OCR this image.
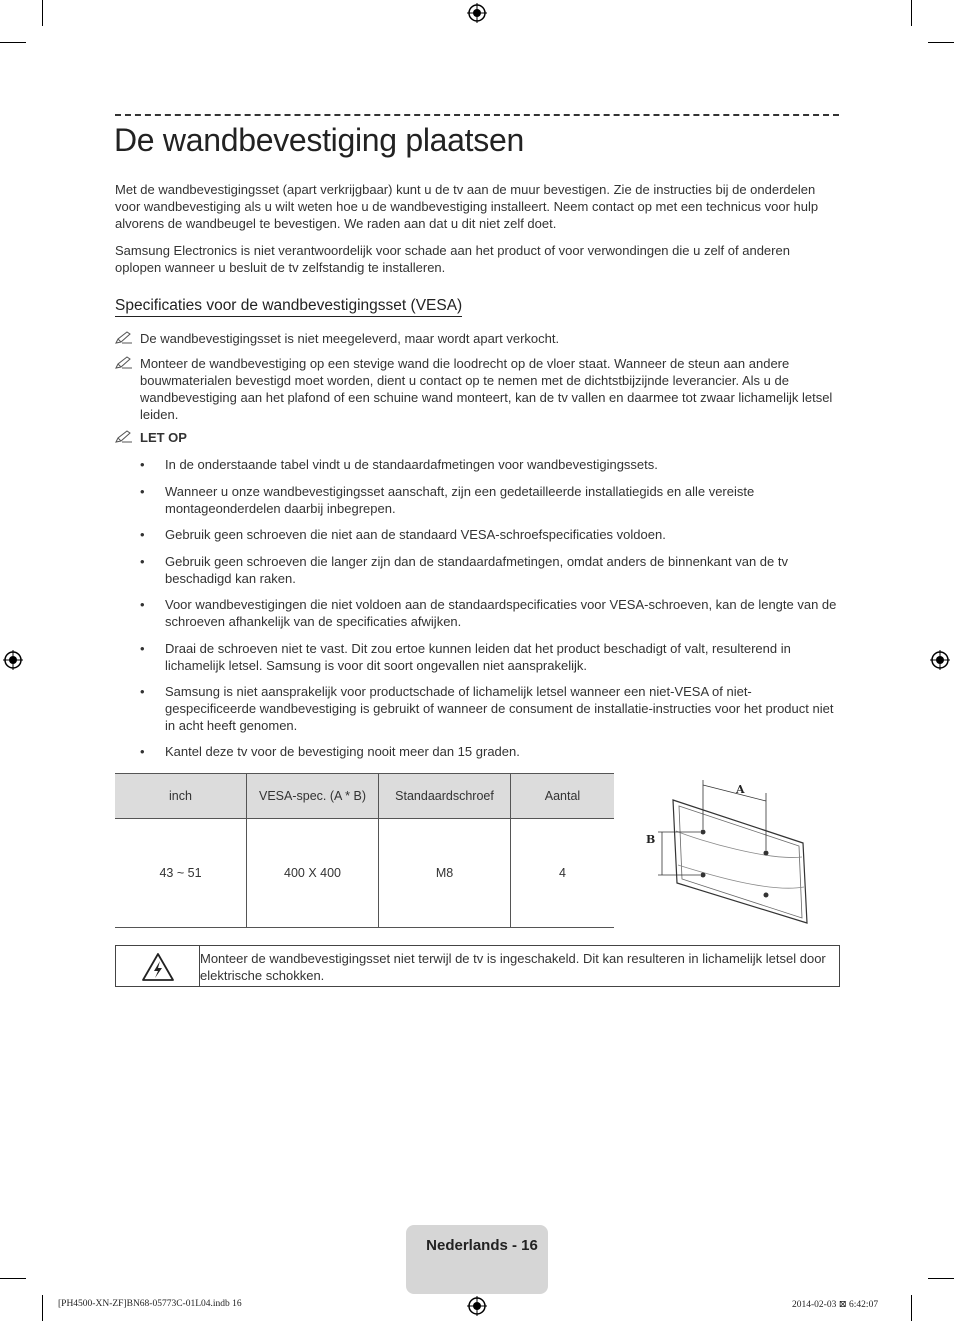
De wandbevestiging plaatsen

Met de wandbevestigingsset (apart verkrijgbaar) kunt u de tv aan de muur bevestigen. Zie de instructies bij de onderdelen voor wandbevestiging als u wilt weten hoe u de wandbevestiging installeert. Neem contact op met een technicus voor hulp alvorens de wandbeugel te bevestigen. We raden aan dat u dit niet zelf doet.

Samsung Electronics is niet verantwoordelijk voor schade aan het product of voor verwondingen die u zelf of anderen oplopen wanneer u besluit de tv zelfstandig te installeren.

Specificaties voor de wandbevestigingsset (VESA)
De wandbevestigingsset is niet meegeleverd, maar wordt apart verkocht.
Monteer de wandbevestiging op een stevige wand die loodrecht op de vloer staat. Wanneer de steun aan andere bouwmaterialen bevestigd moet worden, dient u contact op te nemen met de dichtstbijzijnde leverancier. Als u de wandbevestiging aan het plafond of een schuine wand monteert, kan de tv vallen en daarmee tot zwaar lichamelijk letsel leiden.
LET OP
• In de onderstaande tabel vindt u de standaardafmetingen voor wandbevestigingssets.
• Wanneer u onze wandbevestigingsset aanschaft, zijn een gedetailleerde installatiegids en alle vereiste montageonderdelen daarbij inbegrepen.
• Gebruik geen schroeven die niet aan de standaard VESA-schroefspecificaties voldoen.
• Gebruik geen schroeven die langer zijn dan de standaardafmetingen, omdat anders de binnenkant van de tv beschadigd kan raken.
• Voor wandbevestigingen die niet voldoen aan de standaardspecificaties voor VESA-schroeven, kan de lengte van de schroeven afhankelijk van de specificaties afwijken.
• Draai de schroeven niet te vast. Dit zou ertoe kunnen leiden dat het product beschadigt of valt, resulterend in lichamelijk letsel. Samsung is voor dit soort ongevallen niet aansprakelijk.
• Samsung is niet aansprakelijk voor productschade of lichamelijk letsel wanneer een niet-VESA of niet-gespecificeerde wandbevestiging is gebruikt of wanneer de consument de installatie-instructies voor het product niet in acht heeft genomen.
• Kantel deze tv voor de bevestiging nooit meer dan 15 graden.
inch	VESA-spec. (A * B)	Standaardschroef	Aantal
43 ~ 51	400 X 400	M8	4
A
B
Monteer de wandbevestigingsset niet terwijl de tv is ingeschakeld. Dit kan resulteren in lichamelijk letsel door elektrische schokken.
Nederlands - 16
[PH4500-XN-ZF]BN68-05773C-01L04.indb 16	2014-02-03 ⊠ 6:42:07
